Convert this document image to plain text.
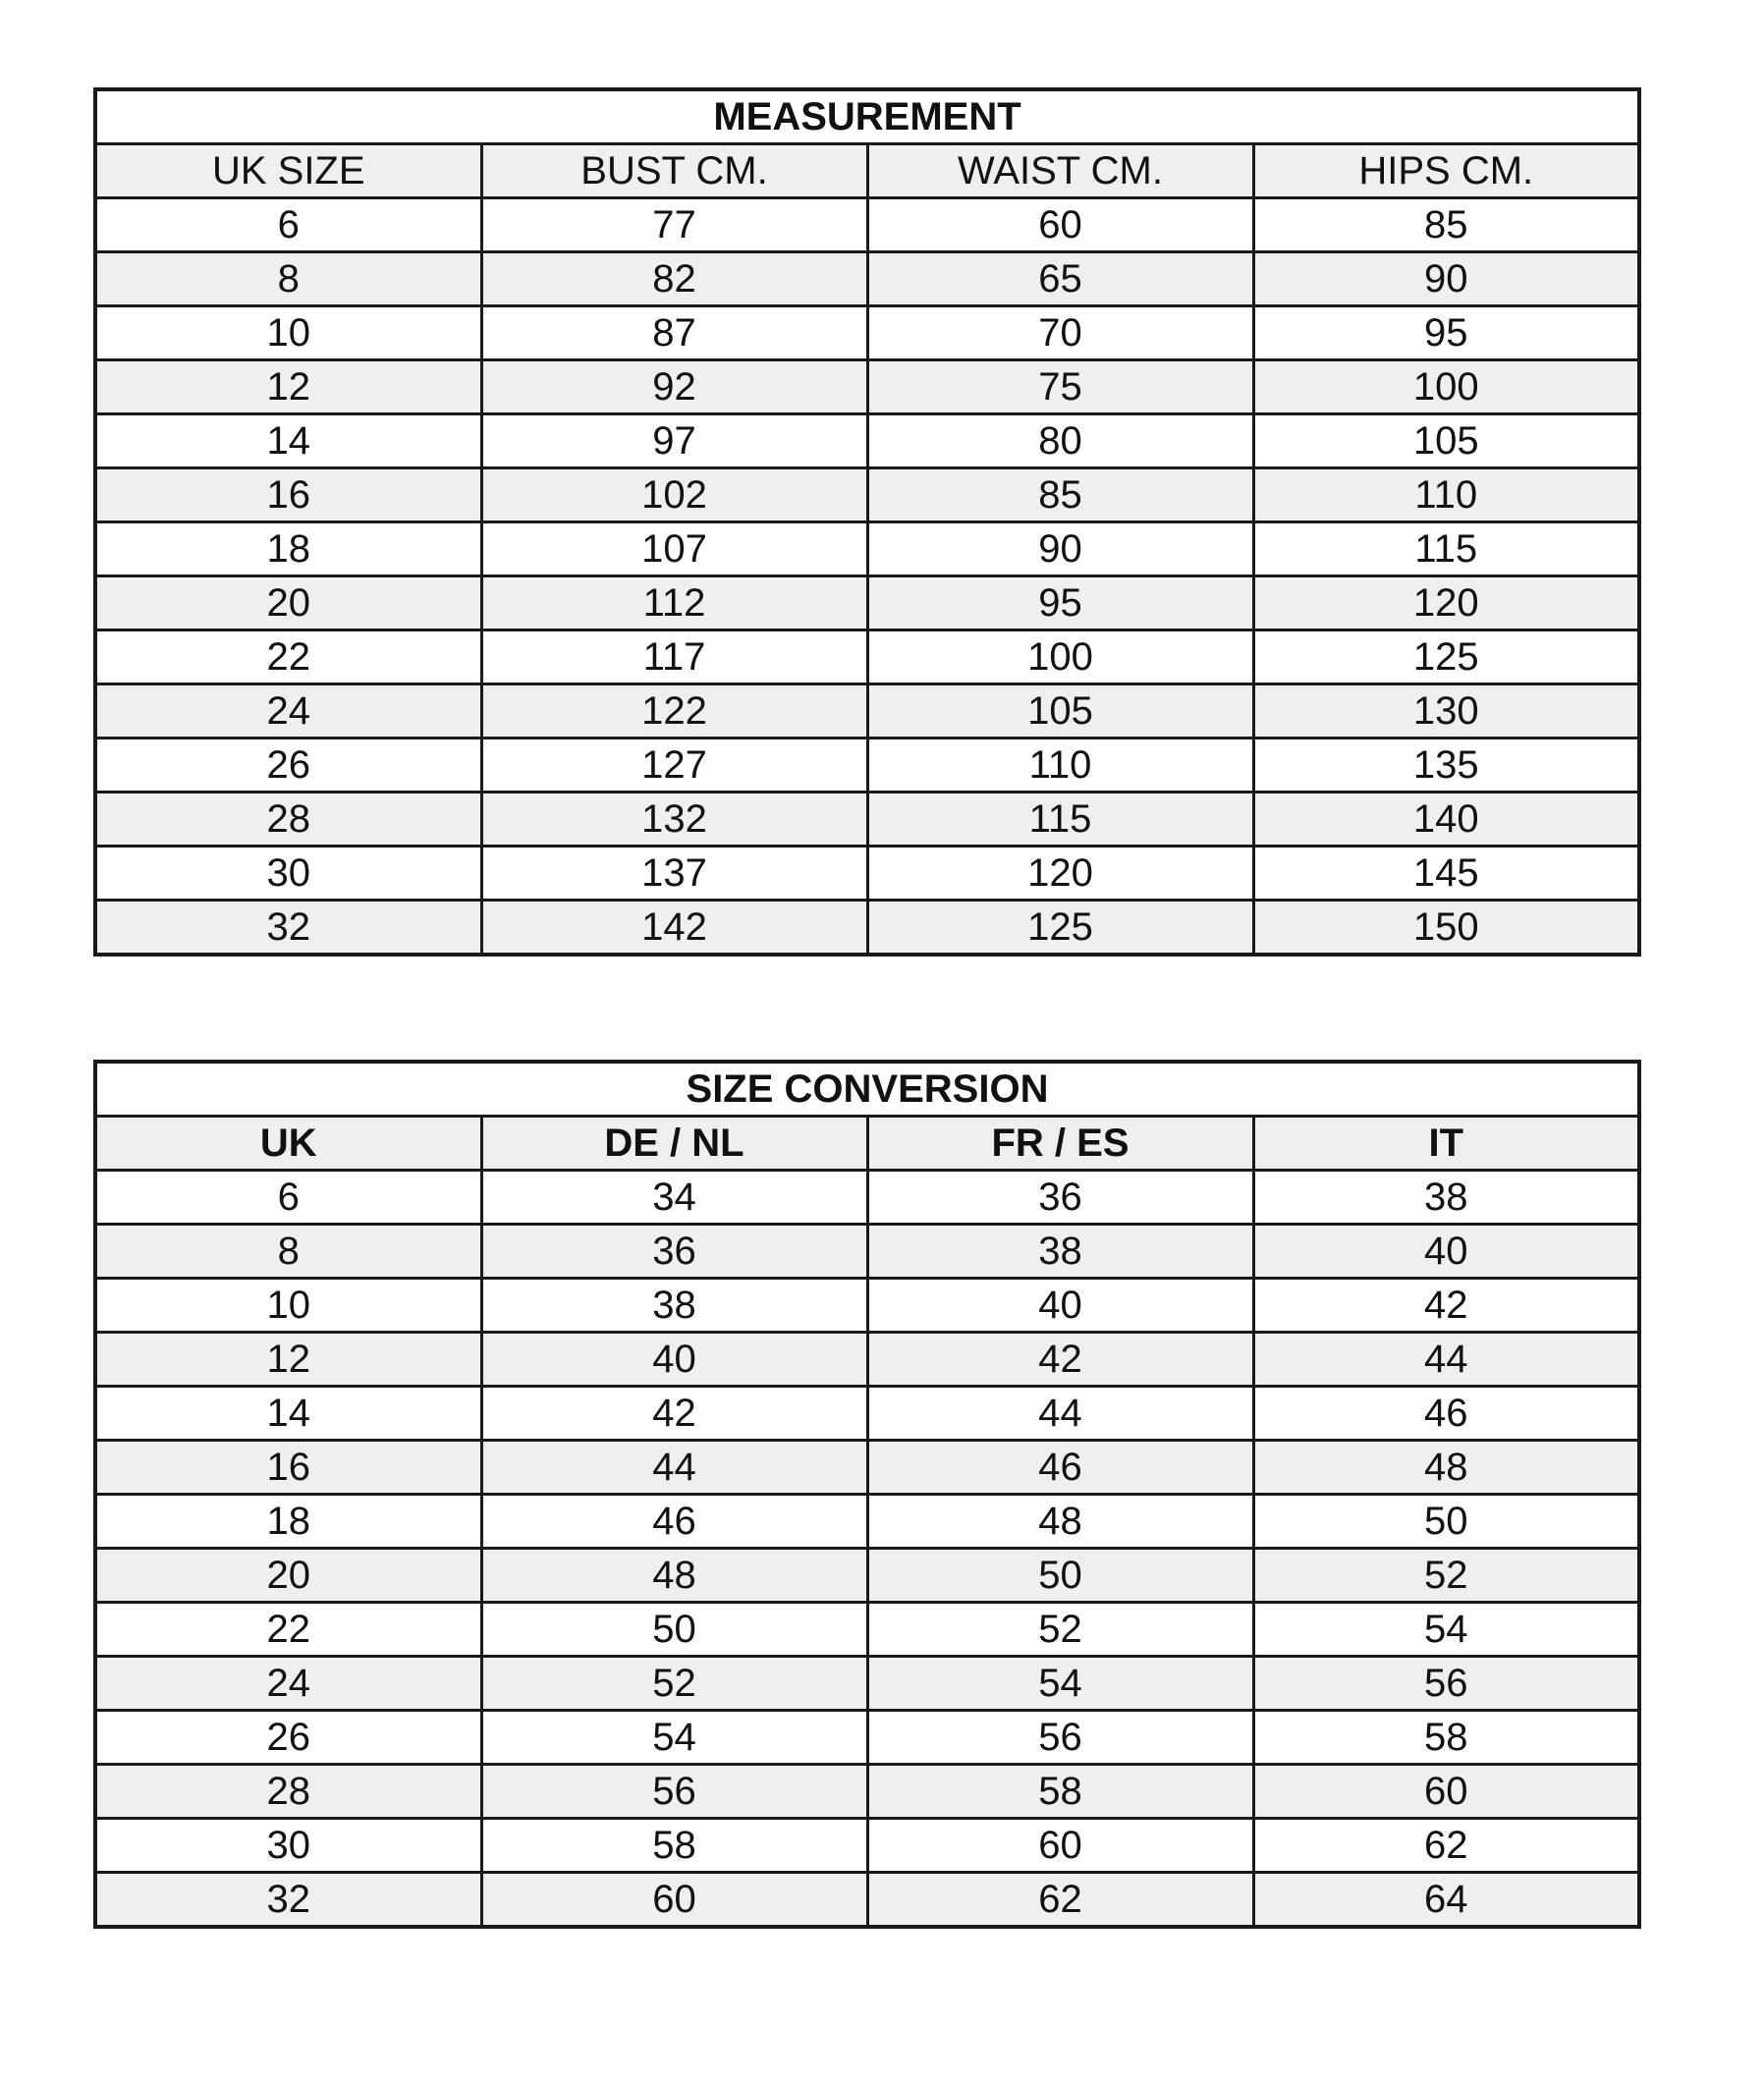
MEASUREMENT			
UK SIZE	BUST CM.	WAIST CM.	HIPS CM.
6	77	60	85
8	82	65	90
10	87	70	95
12	92	75	100
14	97	80	105
16	102	85	110
18	107	90	115
20	112	95	120
22	117	100	125
24	122	105	130
26	127	110	135
28	132	115	140
30	137	120	145
32	142	125	150
SIZE CONVERSION			
UK	DE / NL	FR / ES	IT
6	34	36	38
8	36	38	40
10	38	40	42
12	40	42	44
14	42	44	46
16	44	46	48
18	46	48	50
20	48	50	52
22	50	52	54
24	52	54	56
26	54	56	58
28	56	58	60
30	58	60	62
32	60	62	64
